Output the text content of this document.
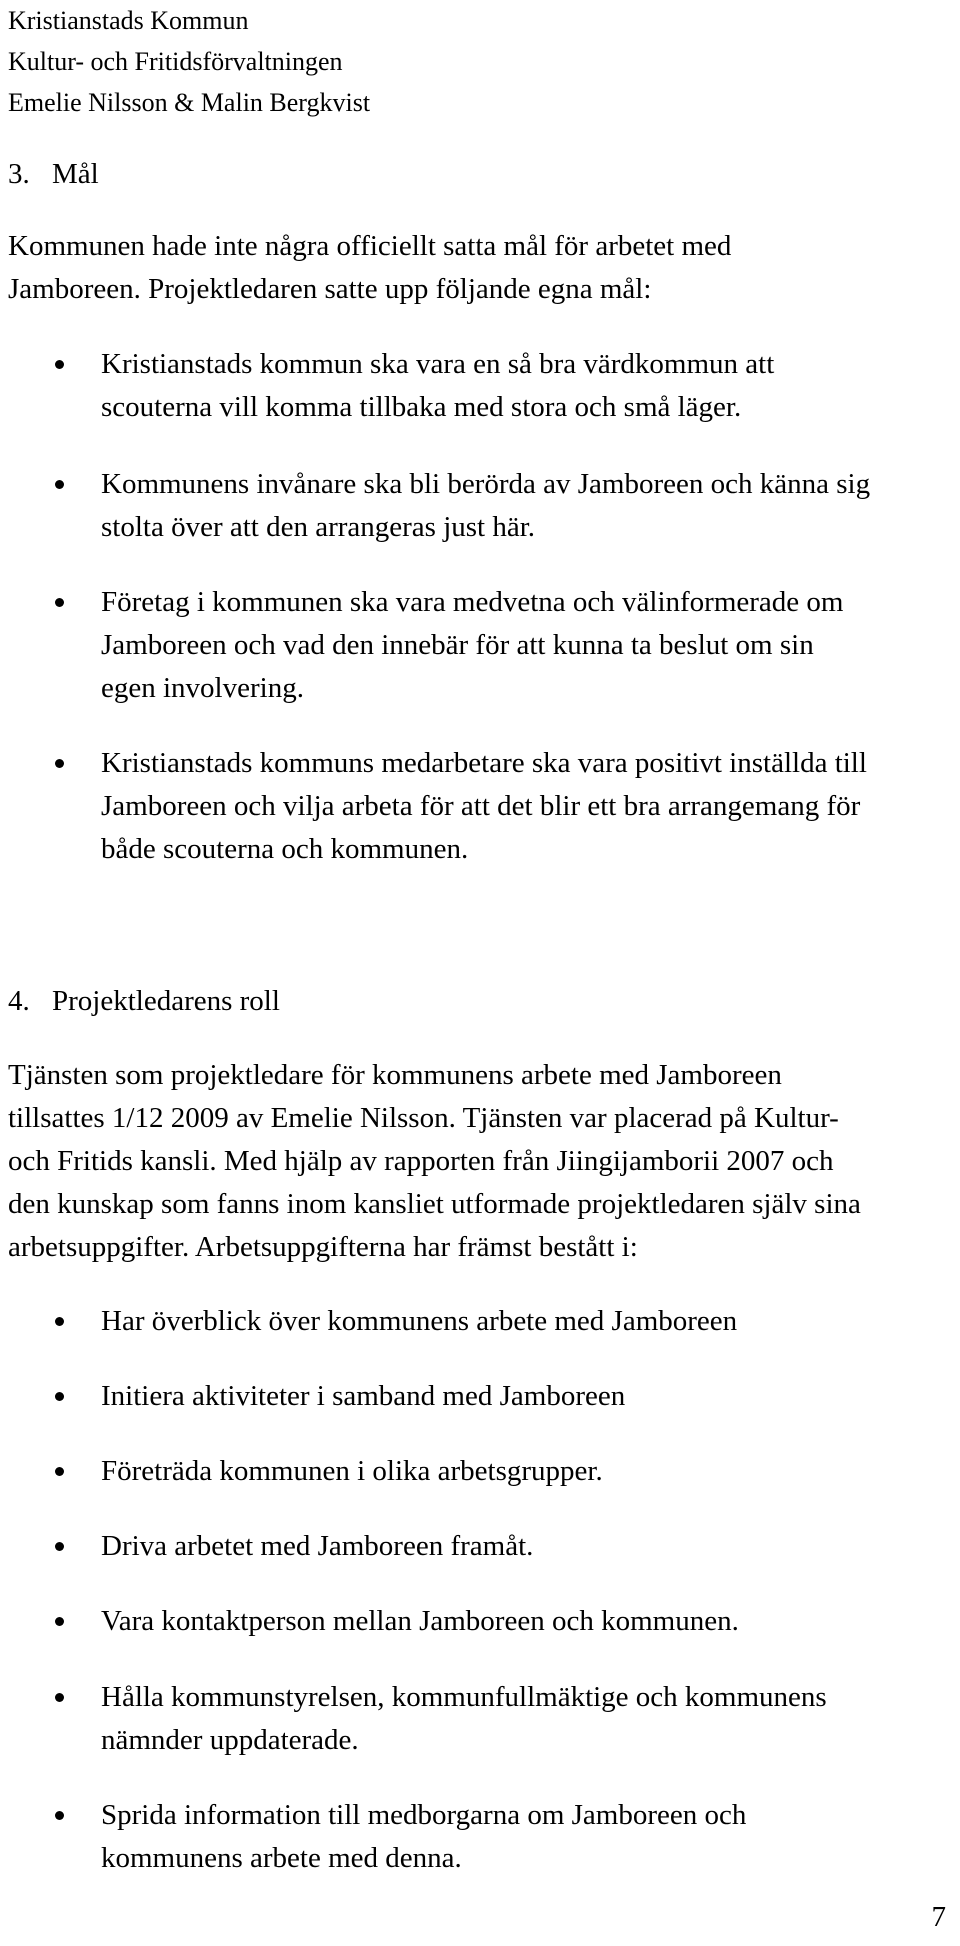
Kristianstads Kommun
Kultur- och Fritidsförvaltningen
Emelie Nilsson & Malin Bergkvist
3. Mål
Kommunen hade inte några officiellt satta mål för arbetet med
Jamboreen. Projektledaren satte upp följande egna mål:
Kristianstads kommun ska vara en så bra värdkommun att
scouterna vill komma tillbaka med stora och små läger.
Kommunens invånare ska bli berörda av Jamboreen och känna sig
stolta över att den arrangeras just här.
Företag i kommunen ska vara medvetna och välinformerade om
Jamboreen och vad den innebär för att kunna ta beslut om sin
egen involvering.
Kristianstads kommuns medarbetare ska vara positivt inställda till
Jamboreen och vilja arbeta för att det blir ett bra arrangemang för
både scouterna och kommunen.
4. Projektledarens roll
Tjänsten som projektledare för kommunens arbete med Jamboreen
tillsattes 1/12 2009 av Emelie Nilsson. Tjänsten var placerad på Kultur-
och Fritids kansli. Med hjälp av rapporten från Jiingijamborii 2007 och
den kunskap som fanns inom kansliet utformade projektledaren själv sina
arbetsuppgifter. Arbetsuppgifterna har främst bestått i:
Har överblick över kommunens arbete med Jamboreen
Initiera aktiviteter i samband med Jamboreen
Företräda kommunen i olika arbetsgrupper.
Driva arbetet med Jamboreen framåt.
Vara kontaktperson mellan Jamboreen och kommunen.
Hålla kommunstyrelsen, kommunfullmäktige och kommunens
nämnder uppdaterade.
Sprida information till medborgarna om Jamboreen och
kommunens arbete med denna.
7
